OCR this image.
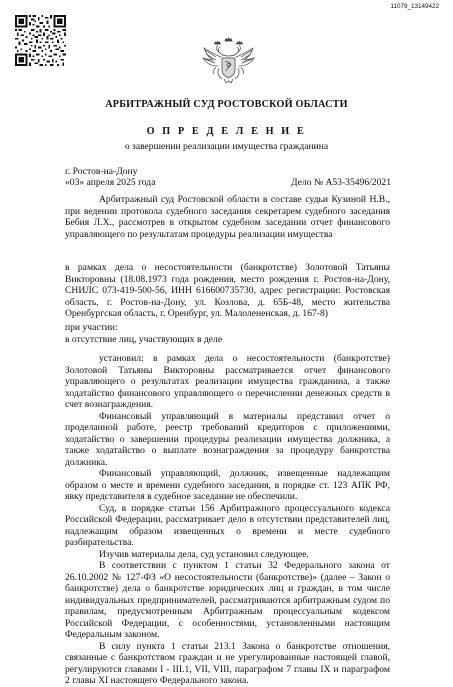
11079_13149422
АРБИТРАЖНЫЙ СУД РОСТОВСКОЙ ОБЛАСТИ
О П Р Е Д Е Л Е Н И Е
о завершении реализации имущества гражданина
г. Ростов-на-Дону
«03» апреля 2025 года	Дело № А53-35496/2021
Арбитражный суд Ростовской области в составе судьи Кузиной Н.В., при ведении протокола судебного заседания секретарем судебного заседания Бебия Л.Х., рассмотрев в открытом судебном заседании отчет финансового управляющего по результатам процедуры реализации имущества
в рамках дела о несостоятельности (банкротстве) Золотовой Татьяны Викторовны (18.08.1973 года рождения, место рождения г. Ростов-на-Дону, СНИЛС 073-419-500-56, ИНН 616600735730, адрес регистрации: Ростовская область, г. Ростов-на-Дону, ул. Козлова, д. 65Б-48, место жительства Оренбургская область, г. Оренбург, ул. Малолененская, д. 167-8)
при участии:
в отсутствие лиц, участвующих в деле

установил: в рамках дела о несостоятельности (банкротстве) Золотовой Татьяны Викторовны рассматривается отчет финансового управляющего о результатах реализации имущества гражданина, а также ходатайство финансового управляющего о перечислении денежных средств в счет вознаграждения.

Финансовый управляющий в материалы представил отчет о проделанной работе, реестр требований кредиторов с приложениями, ходатайство о завершении процедуры реализации имущества должника, а также ходатайство о выплате вознаграждения за процедуру банкротства должника.

Финансовый управляющий, должник, извещенные надлежащим образом о месте и времени судебного заседания, в порядке ст. 123 АПК РФ, явку представителя в судебное заседание не обеспечили.

Суд, в порядке статьи 156 Арбитражного процессуального кодекса Российской Федерации, рассматривает дело в отсутствии представителей лиц, надлежащим образом извещенных о времени и месте судебного разбирательства.

Изучив материалы дела, суд установил следующее.

В соответствии с пунктом 1 статьи 32 Федерального закона от 26.10.2002 № 127-ФЗ «О несостоятельности (банкротстве)» (далее – Закон о банкротстве) дела о банкротстве юридических лиц и граждан, в том числе индивидуальных предпринимателей, рассматриваются арбитражным судом по правилам, предусмотренным Арбитражным процессуальным кодексом Российской Федерации, с особенностями, установленными настоящим Федеральным законом.

В силу пункта 1 статьи 213.1 Закона о банкротстве отношения, связанные с банкротством граждан и не урегулированные настоящей главой, регулируются главами I - III.1, VII, VIII, параграфом 7 главы IX и параграфом 2 главы XI настоящего Федерального закона.
